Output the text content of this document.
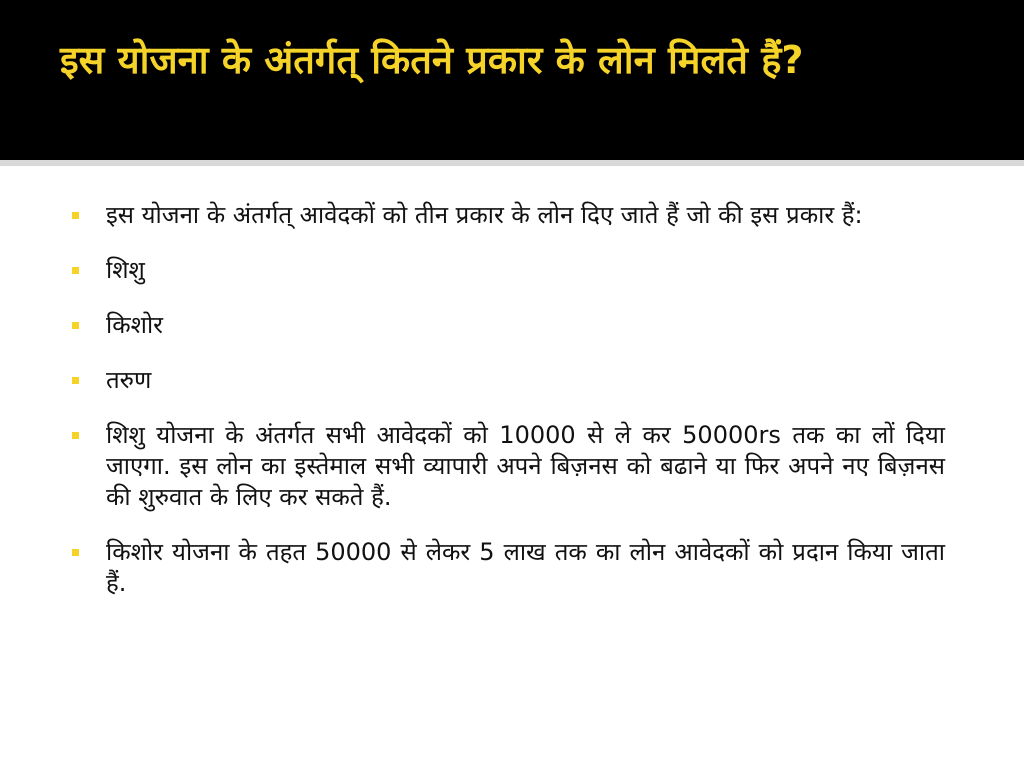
इस योजना के अंतर्गत् कितने प्रकार के लोन मिलते हैं?
इस योजना के अंतर्गत् आवेदकों को तीन प्रकार के लोन दिए जाते हैं जो की इस प्रकार हैं:
शिशु
किशोर
तरुण
शिशु योजना के अंतर्गत सभी आवेदकों को 10000 से ले कर 50000rs तक का लों दिया जाएगा. इस लोन का इस्तेमाल सभी व्यापारी अपने बिज़नस को बढाने या फिर अपने नए बिज़नस की शुरुवात के लिए कर सकते हैं.
किशोर योजना के तहत 50000 से लेकर 5 लाख तक का लोन आवेदकों को प्रदान किया जाता हैं.
